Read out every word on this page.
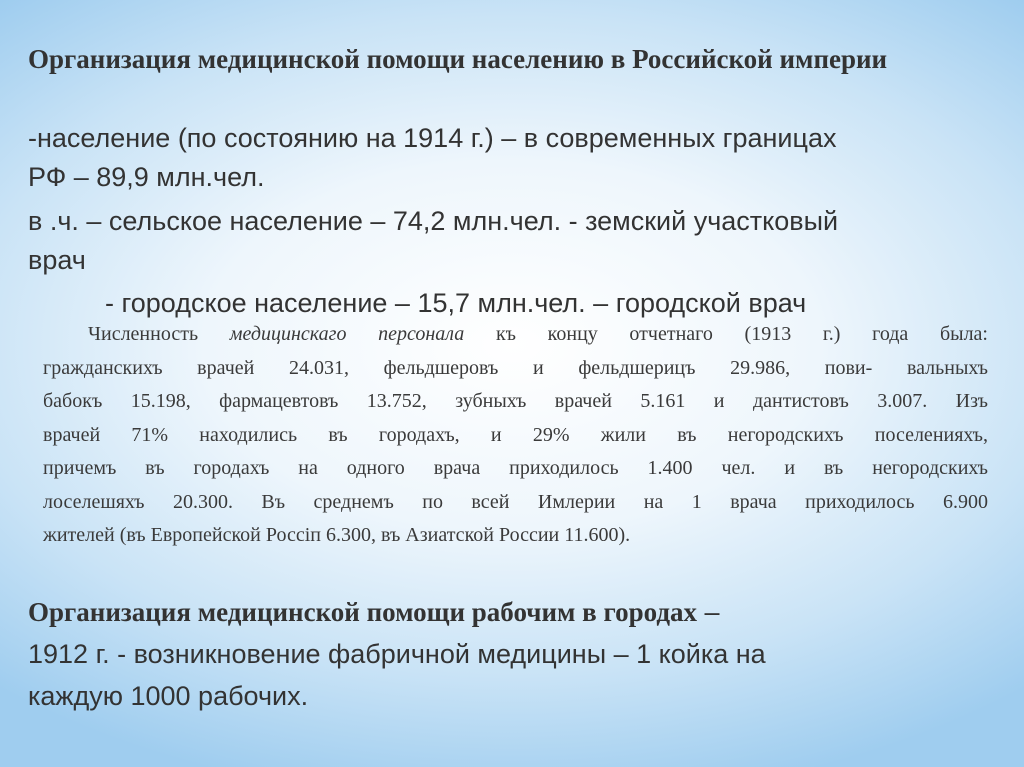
Организация медицинской помощи населению в Российской империи
-население (по состоянию на 1914 г.) – в современных границах
РФ – 89,9 млн.чел.
в .ч. – сельское население – 74,2 млн.чел. - земский участковый
врач
- городское население – 15,7 млн.чел. – городской врач

Численность медицинскаго персонала къ концу отчетнаго (1913 г.) года была:

гражданскихъ врачей 24.031, фельдшеровъ и фельдшерицъ 29.986, пови- вальныхъ

бабокъ 15.198, фармацевтовъ 13.752, зубныхъ врачей 5.161 и дантистовъ 3.007. Изъ

врачей 71% находились въ городахъ, и 29% жили въ негородскихъ поселенияхъ,

причемъ въ городахъ на одного врача приходилось 1.400 чел. и въ негородскихъ

лоселешяхъ 20.300. Въ среднемъ по всей Имлерии на 1 врача приходилось 6.900

жителей (въ Европейской Россіп 6.300, въ Азиатской России 11.600).

Организация медицинской помощи рабочим в городах –
1912 г. - возникновение фабричной медицины – 1 койка на
каждую 1000 рабочих.
